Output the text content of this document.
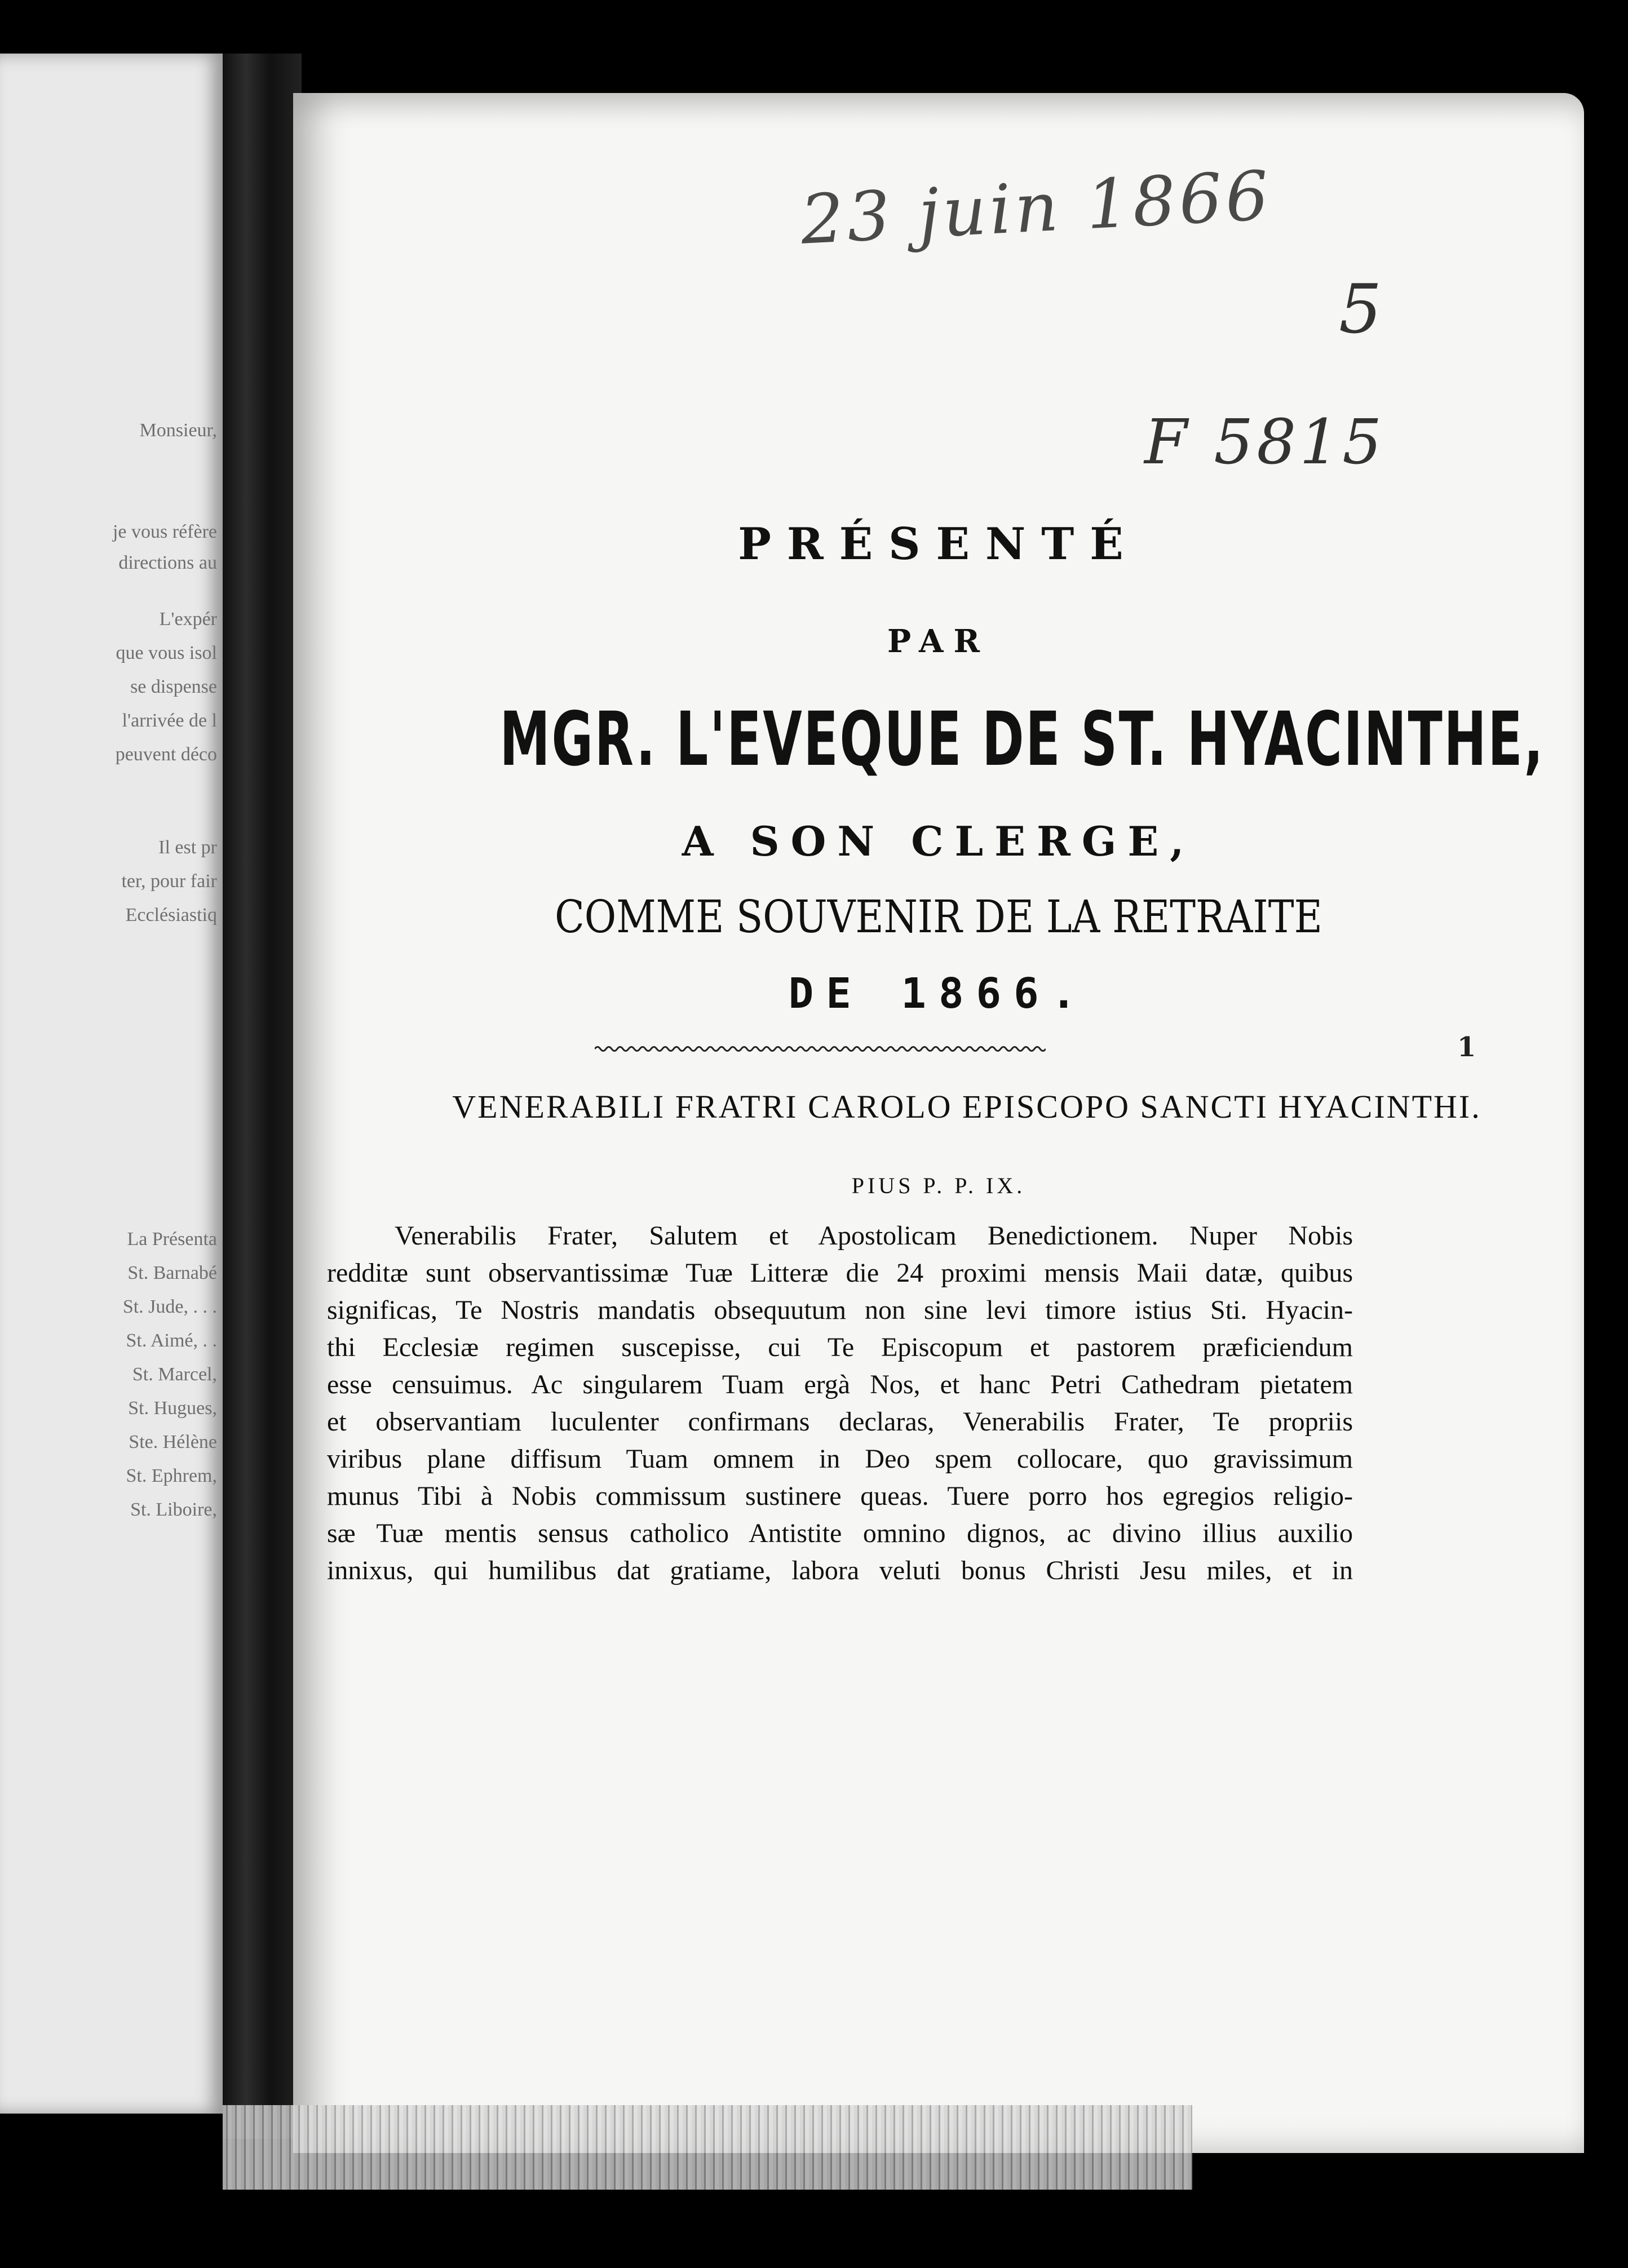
Monsieur,
je vous réfère
directions au
L'expér
que vous isol
se dispense
l'arrivée de l
peuvent déco
Il est pr
ter, pour fair
Ecclésiastiq
La Présenta
St. Barnabé
St. Jude, . . .
St. Aimé, . .
St. Marcel,
St. Hugues,
Ste. Hélène
St. Ephrem,
St. Liboire,
23 juin 1866
5
F 5815
PRÉSENTÉ
PAR
MGR. L'EVEQUE DE ST. HYACINTHE,
A SON CLERGE,
COMME SOUVENIR DE LA RETRAITE
DE 1866.
1
VENERABILI FRATRI CAROLO EPISCOPO SANCTI HYACINTHI.
PIUS P. P. IX.
Venerabilis Frater, Salutem et Apostolicam Benedictionem. Nuper Nobis
redditæ sunt observantissimæ Tuæ Litteræ die 24 proximi mensis Maii datæ, quibus
significas, Te Nostris mandatis obsequutum non sine levi timore istius Sti. Hyacin-
thi Ecclesiæ regimen suscepisse, cui Te Episcopum et pastorem præficiendum
esse censuimus. Ac singularem Tuam ergà Nos, et hanc Petri Cathedram pietatem
et observantiam luculenter confirmans declaras, Venerabilis Frater, Te propriis
viribus plane diffisum Tuam omnem in Deo spem collocare, quo gravissimum
munus Tibi à Nobis commissum sustinere queas. Tuere porro hos egregios religio-
sæ Tuæ mentis sensus catholico Antistite omnino dignos, ac divino illius auxilio
innixus, qui humilibus dat gratiame, labora veluti bonus Christi Jesu miles, et in
